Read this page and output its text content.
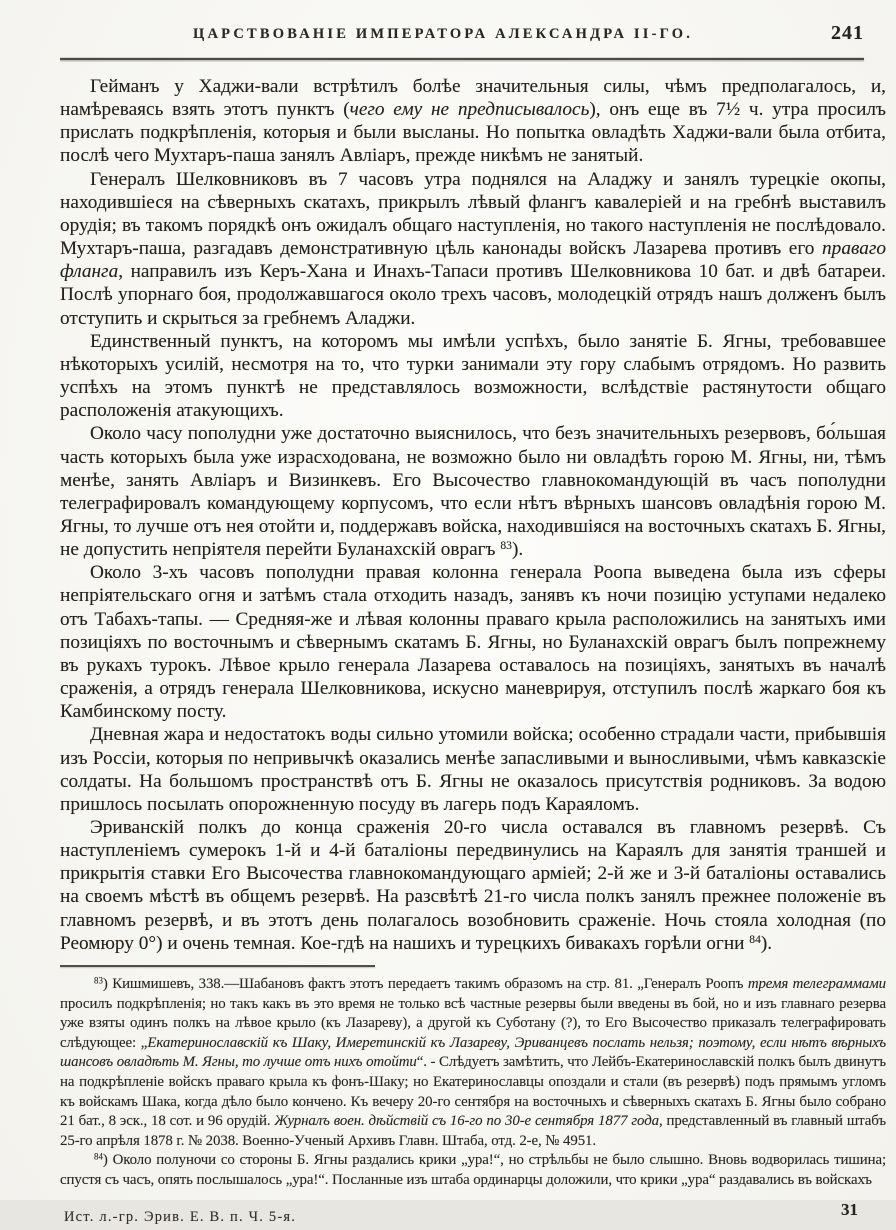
ЦАРСТВОВАНІЕ ИМПЕРАТОРА АЛЕКСАНДРА ІІ-ГО.	241

Гейманъ у Хаджи-вали встрѣтилъ болѣе значительныя силы, чѣмъ предполагалось, и, намѣреваясь взять этотъ пунктъ (чего ему не предписывалось), онъ еще въ 7½ ч. утра просилъ прислать подкрѣпленія, которыя и были высланы. Но попытка овладѣть Хаджи-вали была отбита, послѣ чего Мухтаръ-паша занялъ Авліаръ, прежде никѣмъ не занятый.

Генералъ Шелковниковъ въ 7 часовъ утра поднялся на Аладжу и занялъ турецкіе окопы, находившіеся на сѣверныхъ скатахъ, прикрылъ лѣвый флангъ кавалеріей и на гребнѣ выставилъ орудія; въ такомъ порядкѣ онъ ожидалъ общаго наступленія, но такого наступленія не послѣдовало. Мухтаръ-паша, разгадавъ демонстративную цѣль канонады войскъ Лазарева противъ его праваго фланга, направилъ изъ Керъ-Хана и Инахъ-Тапаси противъ Шелковникова 10 бат. и двѣ батареи. Послѣ упорнаго боя, продолжавшагося около трехъ часовъ, молодецкій отрядъ нашъ долженъ былъ отступить и скрыться за гребнемъ Аладжи.

Единственный пунктъ, на которомъ мы имѣли успѣхъ, было занятіе Б. Ягны, требовавшее нѣкоторыхъ усилій, несмотря на то, что турки занимали эту гору слабымъ отрядомъ. Но развить успѣхъ на этомъ пунктѣ не представлялось возможности, вслѣдствіе растянутости общаго расположенія атакующихъ.

Около часу пополудни уже достаточно выяснилось, что безъ значительныхъ резервовъ, бо́льшая часть которыхъ была уже израсходована, не возможно было ни овладѣть горою М. Ягны, ни, тѣмъ менѣе, занять Авліаръ и Визинкевъ. Его Высочество главнокомандующій въ часъ пополудни телеграфировалъ командующему корпусомъ, что если нѣтъ вѣрныхъ шансовъ овладѣнія горою М. Ягны, то лучше отъ нея отойти и, поддержавъ войска, находившіяся на восточныхъ скатахъ Б. Ягны, не допустить непріятеля перейти Буланахскій оврагъ $^{83}$).

Около 3-хъ часовъ пополудни правая колонна генерала Роопа выведена была изъ сферы непріятельскаго огня и затѣмъ стала отходить назадъ, занявъ къ ночи позицію уступами недалеко отъ Табахъ-тапы. — Средняя-же и лѣвая колонны праваго крыла расположились на занятыхъ ими позиціяхъ по восточнымъ и сѣвернымъ скатамъ Б. Ягны, но Буланахскій оврагъ былъ попрежнему въ рукахъ турокъ. Лѣвое крыло генерала Лазарева оставалось на позиціяхъ, занятыхъ въ началѣ сраженія, а отрядъ генерала Шелковникова, искусно маневрируя, отступилъ послѣ жаркаго боя къ Камбинскому посту.

Дневная жара и недостатокъ воды сильно утомили войска; особенно страдали части, прибывшія изъ Россіи, которыя по непривычкѣ оказались менѣе запасливыми и выносливыми, чѣмъ кавказскіе солдаты. На большомъ пространствѣ отъ Б. Ягны не оказалось присутствія родниковъ. За водою пришлось посылать опорожненную посуду въ лагерь подъ Караяломъ.

Эриванскій полкъ до конца сраженія 20-го числа оставался въ главномъ резервѣ. Съ наступленіемъ сумерокъ 1-й и 4-й баталіоны передвинулись на Караялъ для занятія траншей и прикрытія ставки Его Высочества главнокомандующаго арміей; 2-й же и 3-й баталіоны оставались на своемъ мѣстѣ въ общемъ резервѣ. На разсвѣтѣ 21-го числа полкъ занялъ прежнее положеніе въ главномъ резервѣ, и въ этотъ день полагалось возобновить сраженіе. Ночь стояла холодная (по Реомюру 0°) и очень темная. Кое-гдѣ на нашихъ и турецкихъ бивакахъ горѣли огни $^{84}$).

$^{83}$) Кишмишевъ, 338.—Шабановъ фактъ этотъ передаетъ такимъ образомъ на стр. 81. „Генералъ Роопъ тремя телеграммами просилъ подкрѣпленія; но такъ какъ въ это время не только всѣ частные резервы были введены въ бой, но и изъ главнаго резерва уже взяты одинъ полкъ на лѣвое крыло (къ Лазареву), а другой къ Суботану (?), то Его Высочество приказалъ телеграфировать слѣдующее: „Екатеринославскій къ Шаку, Имеретинскій къ Лазареву, Эриванцевъ послать нельзя; поэтому, если нѣтъ вѣрныхъ шансовъ овладѣть М. Ягны, то лучше отъ нихъ отойти“. - Слѣдуетъ замѣтить, что Лейбъ-Екатеринославскій полкъ былъ двинутъ на подкрѣпленіе войскъ праваго крыла къ фонъ-Шаку; но Екатеринославцы опоздали и стали (въ резервѣ) подъ прямымъ угломъ къ войскамъ Шака, когда дѣло было кончено. Къ вечеру 20-го сентября на восточныхъ и сѣверныхъ скатахъ Б. Ягны было собрано 21 бат., 8 эск., 18 сот. и 96 орудій. Журналъ воен. дѣйствій съ 16-го по 30-е сентября 1877 года, представленный въ главный штабъ 25-го апрѣля 1878 г. № 2038. Военно-Ученый Архивъ Главн. Штаба, отд. 2-е, № 4951.

$^{84}$) Около полуночи со стороны Б. Ягны раздались крики „ура!“, но стрѣльбы не было слышно. Вновь водворилась тишина; спустя съ часъ, опять послышалось „ура!“. Посланные изъ штаба ординарцы доложили, что крики „ура“ раздавались въ войскахъ

Ист. л.-гр. Эрив. Е. В. п. Ч. 5-я.	31
